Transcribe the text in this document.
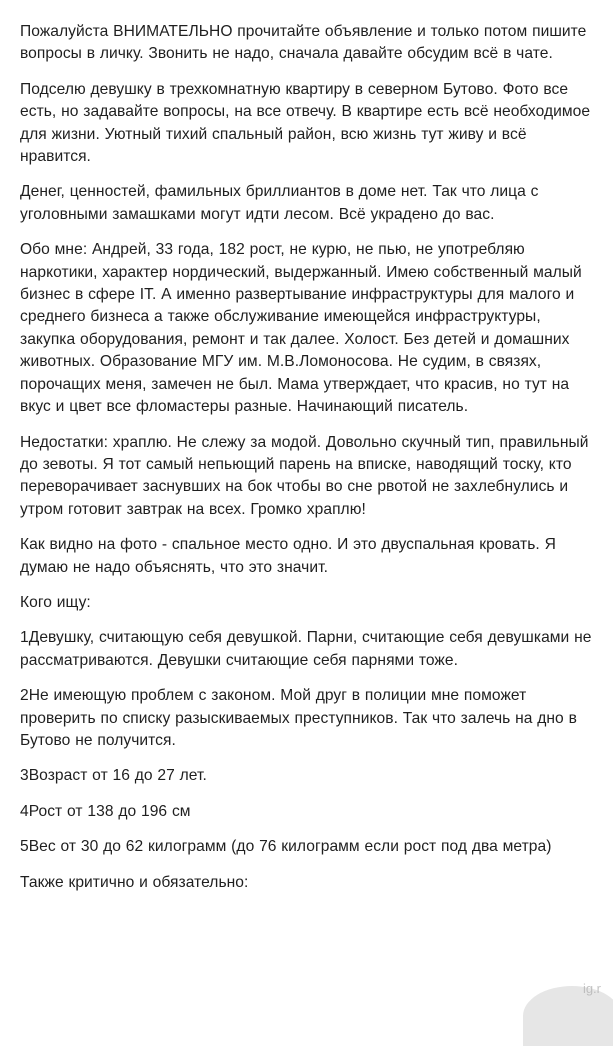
Пожалуйста ВНИМАТЕЛЬНО прочитайте объявление и только потом пишите вопросы в личку. Звонить не надо, сначала давайте обсудим всё в чате.

Подселю девушку в трехкомнатную квартиру в северном Бутово. Фото все есть, но задавайте вопросы, на все отвечу. В квартире есть всё необходимое для жизни. Уютный тихий спальный район, всю жизнь тут живу и всё нравится.

Денег, ценностей, фамильных бриллиантов в доме нет. Так что лица с уголовными замашками могут идти лесом. Всё украдено до вас.

Обо мне: Андрей, 33 года, 182 рост, не курю, не пью, не употребляю наркотики, характер нордический, выдержанный. Имею собственный малый бизнес в сфере IT. А именно развертывание инфраструктуры для малого и среднего бизнеса а также обслуживание имеющейся инфраструктуры, закупка оборудования, ремонт и так далее. Холост. Без детей и домашних животных. Образование МГУ им. М.В.Ломоносова. Не судим, в связях, порочащих меня, замечен не был. Мама утверждает, что красив, но тут на вкус и цвет все фломастеры разные. Начинающий писатель.

Недостатки: храплю. Не слежу за модой. Довольно скучный тип, правильный до зевоты. Я тот самый непьющий парень на вписке, наводящий тоску, кто переворачивает заснувших на бок чтобы во сне рвотой не захлебнулись и утром готовит завтрак на всех. Громко храплю!

Как видно на фото - спальное место одно. И это двуспальная кровать. Я думаю не надо объяснять, что это значит.

Кого ищу:

1Девушку, считающую себя девушкой. Парни, считающие себя девушками не рассматриваются. Девушки считающие себя парнями тоже.

2Не имеющую проблем с законом. Мой друг в полиции мне поможет проверить по списку разыскиваемых преступников. Так что залечь на дно в Бутово не получится.

3Возраст от 16 до 27 лет.

4Рост от 138 до 196 см

5Вес от 30 до 62 килограмм (до 76 килограмм если рост под два метра)

Также критично и обязательно:

ig.r
